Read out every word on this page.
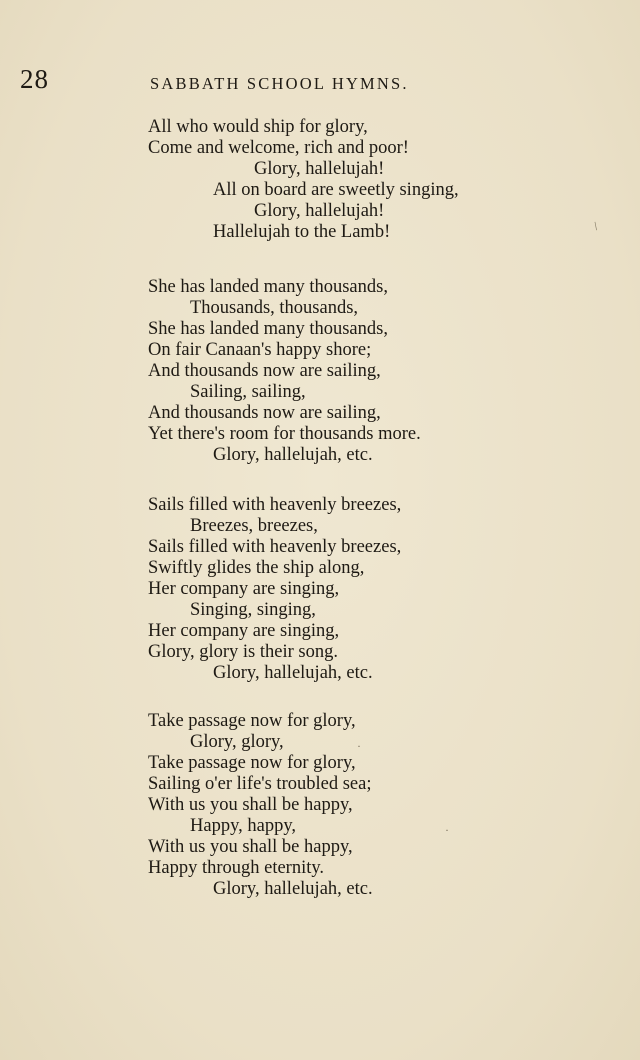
28	SABBATH SCHOOL HYMNS.
All who would ship for glory,
Come and welcome, rich and poor!
Glory, hallelujah!
All on board are sweetly singing,
Glory, hallelujah!
Hallelujah to the Lamb!
She has landed many thousands,
Thousands, thousands,
She has landed many thousands,
On fair Canaan's happy shore;
And thousands now are sailing,
Sailing, sailing,
And thousands now are sailing,
Yet there's room for thousands more.
Glory, hallelujah, etc.
Sails filled with heavenly breezes,
Breezes, breezes,
Sails filled with heavenly breezes,
Swiftly glides the ship along,
Her company are singing,
Singing, singing,
Her company are singing,
Glory, glory is their song.
Glory, hallelujah, etc.
Take passage now for glory,
Glory, glory,
Take passage now for glory,
Sailing o'er life's troubled sea;
With us you shall be happy,
Happy, happy,
With us you shall be happy,
Happy through eternity.
Glory, hallelujah, etc.
/
·
·
